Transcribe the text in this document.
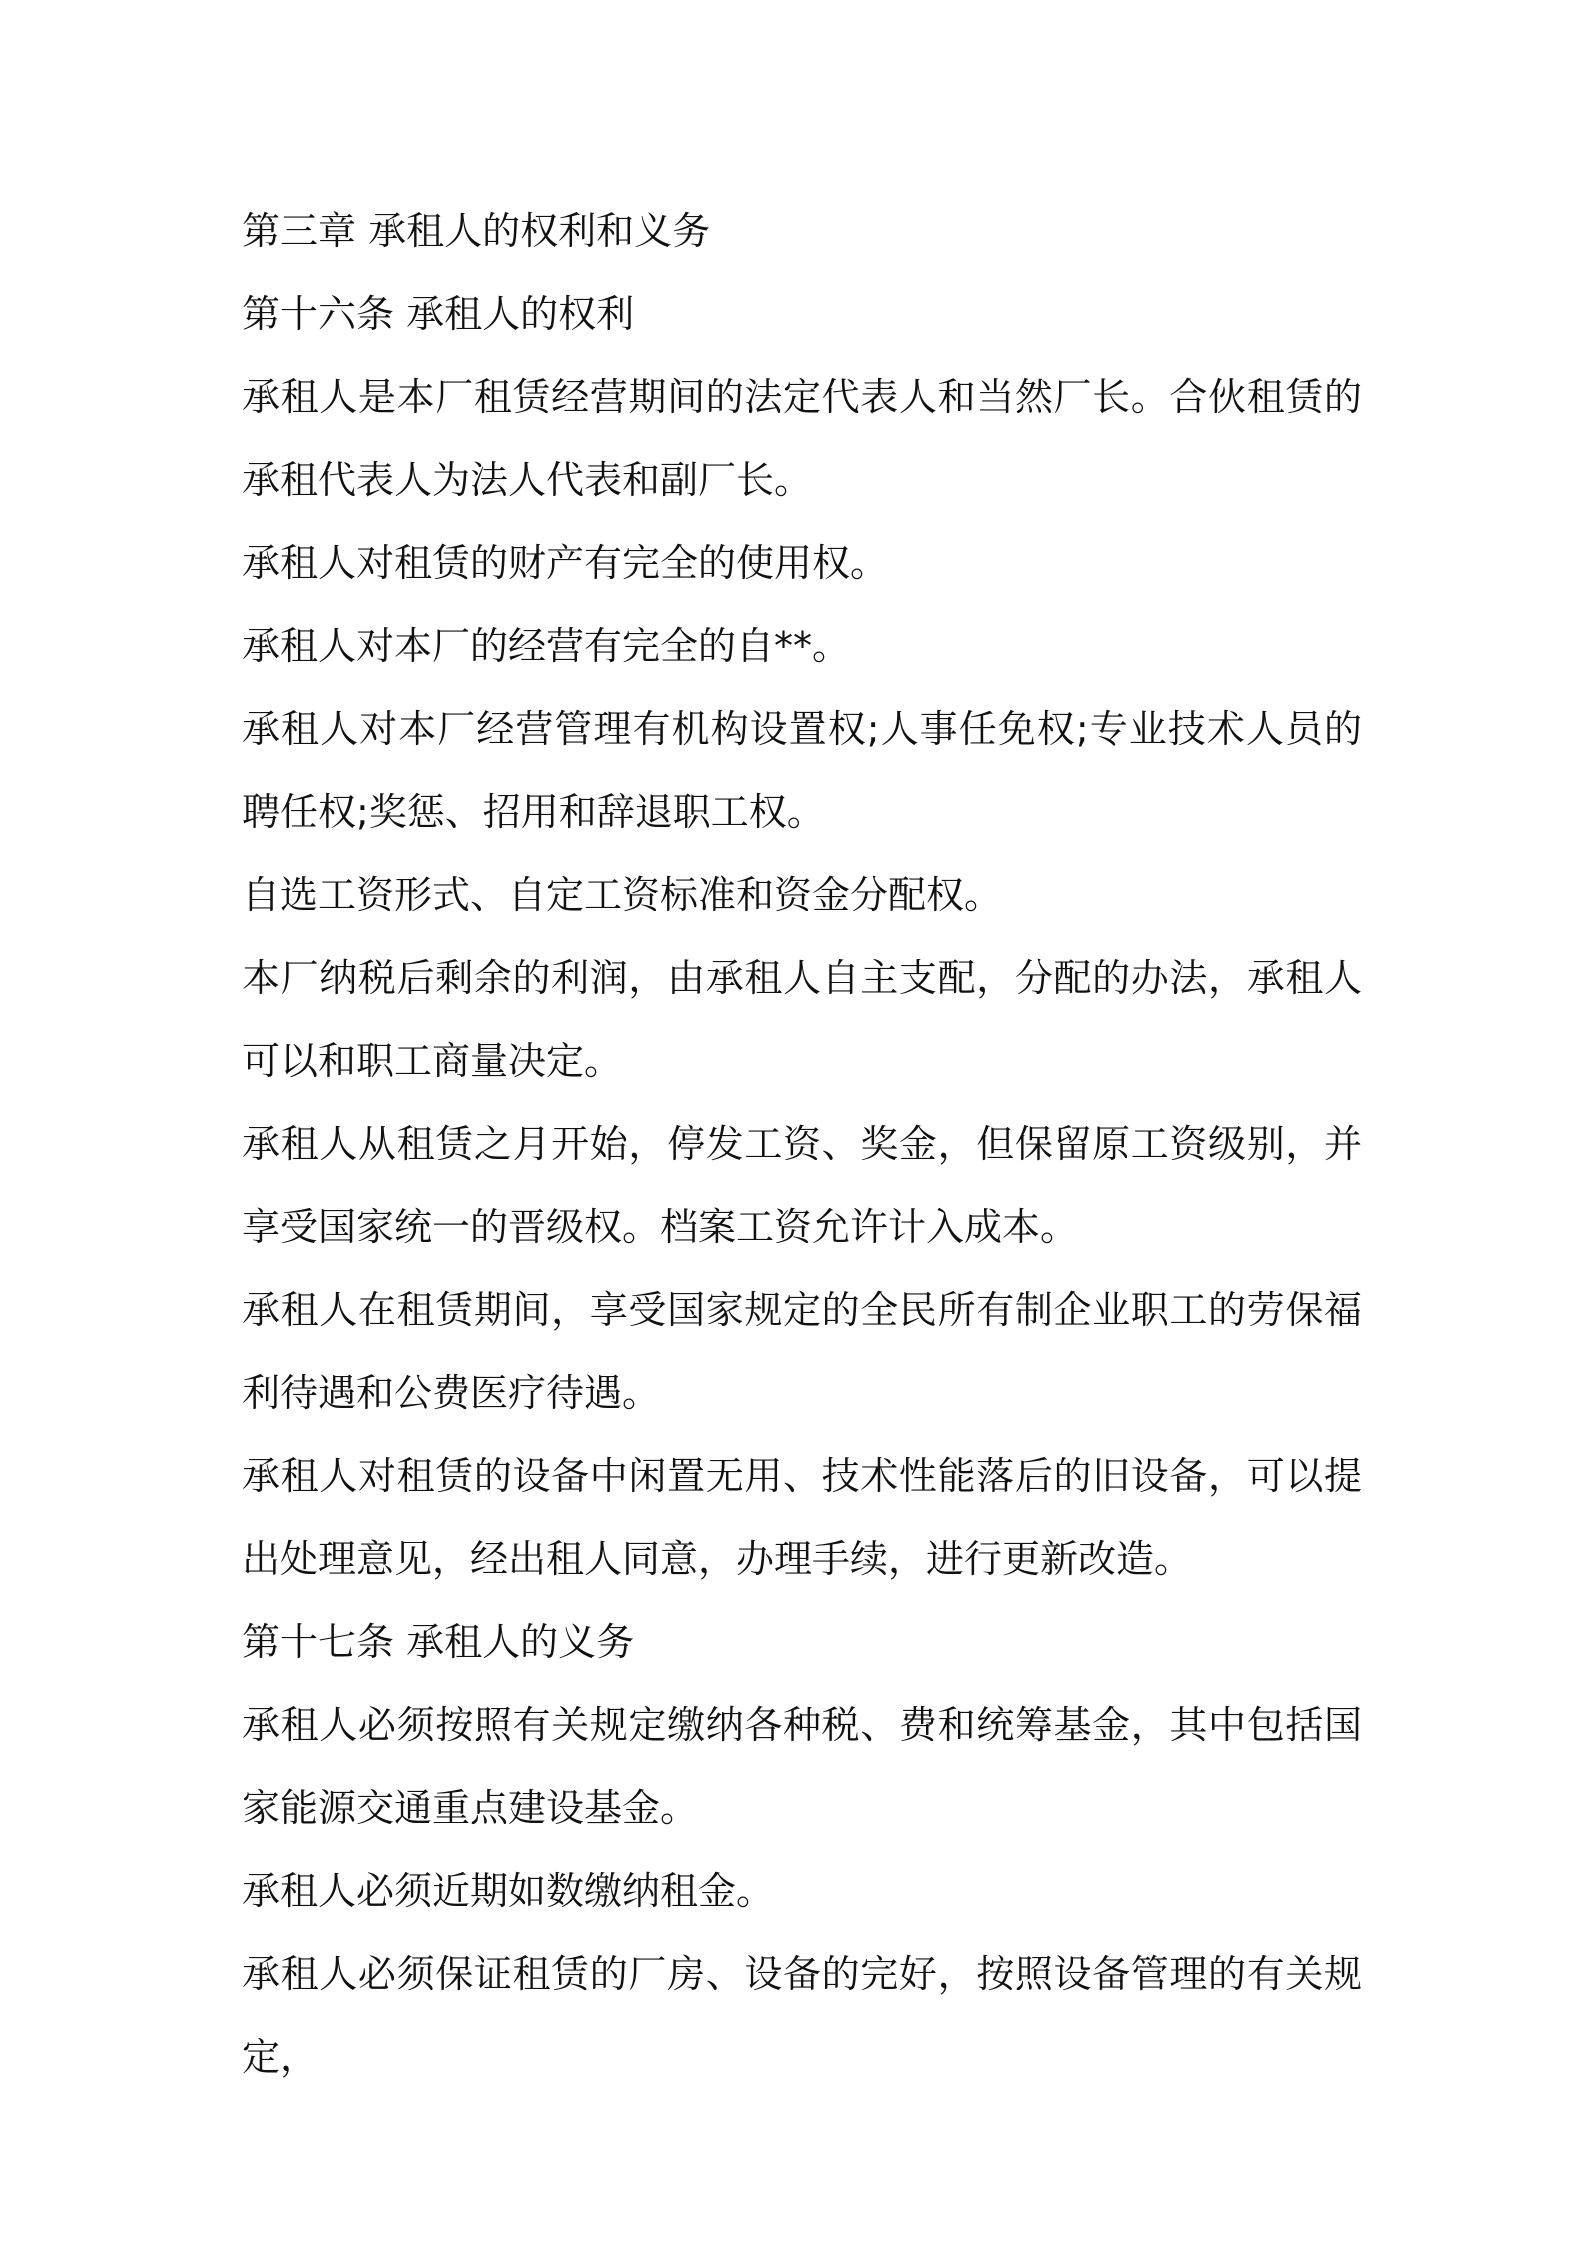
第三章 承租人的权利和义务

第十六条 承租人的权利

承租人是本厂租赁经营期间的法定代表人和当然厂长。合伙租赁的承租代表人为法人代表和副厂长。

承租人对租赁的财产有完全的使用权。

承租人对本厂的经营有完全的自**。

承租人对本厂经营管理有机构设置权;人事任免权;专业技术人员的聘任权;奖惩、招用和辞退职工权。

自选工资形式、自定工资标准和资金分配权。

本厂纳税后剩余的利润，由承租人自主支配，分配的办法，承租人可以和职工商量决定。

承租人从租赁之月开始，停发工资、奖金，但保留原工资级别，并享受国家统一的晋级权。档案工资允许计入成本。

承租人在租赁期间，享受国家规定的全民所有制企业职工的劳保福利待遇和公费医疗待遇。

承租人对租赁的设备中闲置无用、技术性能落后的旧设备，可以提出处理意见，经出租人同意，办理手续，进行更新改造。

第十七条 承租人的义务

承租人必须按照有关规定缴纳各种税、费和统筹基金，其中包括国家能源交通重点建设基金。

承租人必须近期如数缴纳租金。

承租人必须保证租赁的厂房、设备的完好，按照设备管理的有关规定，
